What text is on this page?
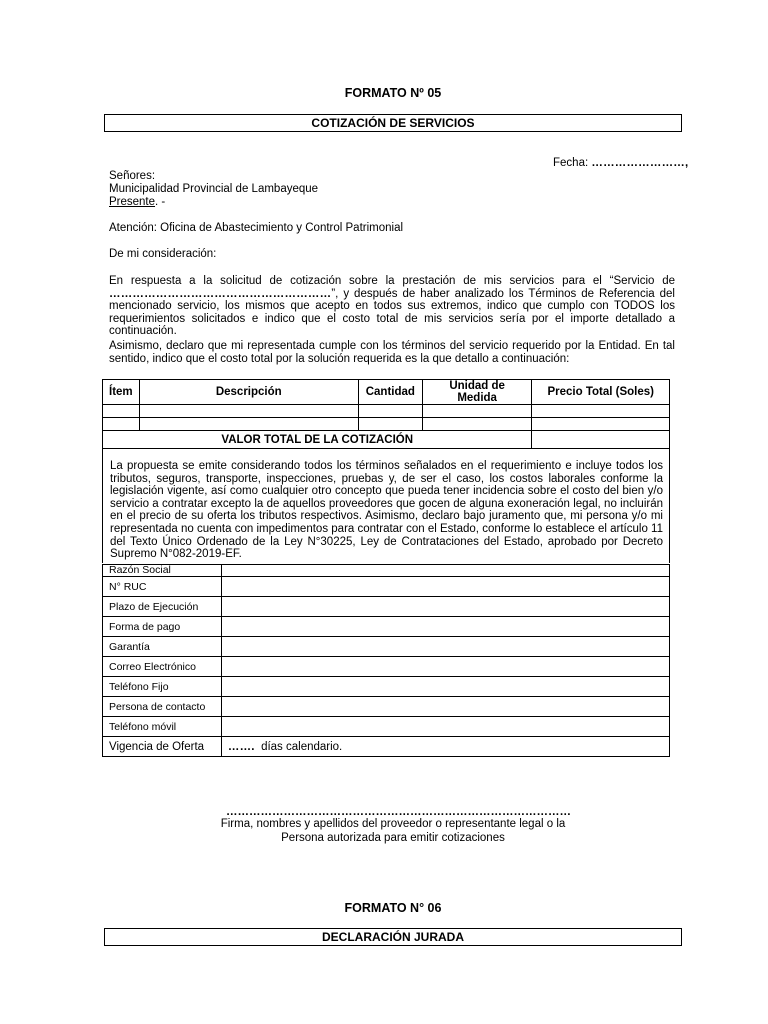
FORMATO Nº 05
COTIZACIÓN DE SERVICIOS
Fecha: ……………………,
Señores:
Municipalidad Provincial de Lambayeque
Presente. -
Atención: Oficina de Abastecimiento y Control Patrimonial
De mi consideración:
En respuesta a la solicitud de cotización sobre la prestación de mis servicios para el “Servicio de …………………………………………………”, y después de haber analizado los Términos de Referencia del mencionado servicio, los mismos que acepto en todos sus extremos, indico que cumplo con TODOS los requerimientos solicitados e indico que el costo total de mis servicios sería por el importe detallado a continuación.
Asimismo, declaro que mi representada cumple con los términos del servicio requerido por la Entidad. En tal sentido, indico que el costo total por la solución requerida es la que detallo a continuación:
Ítem	Descripción	Cantidad	Unidad de Medida	Precio Total (Soles)

VALOR TOTAL DE LA COTIZACIÓN				
La propuesta se emite considerando todos los términos señalados en el requerimiento e incluye todos los tributos, seguros, transporte, inspecciones, pruebas y, de ser el caso, los costos laborales conforme la legislación vigente, así como cualquier otro concepto que pueda tener incidencia sobre el costo del bien y/o servicio a contratar excepto la de aquellos proveedores que gocen de alguna exoneración legal, no incluirán en el precio de su oferta los tributos respectivos. Asimismo, declaro bajo juramento que, mi persona y/o mi representada no cuenta con impedimentos para contratar con el Estado, conforme lo establece el artículo 11 del Texto Único Ordenado de la Ley N°30225, Ley de Contrataciones del Estado, aprobado por Decreto Supremo N°082-2019-EF.
Razón Social	
N° RUC	
Plazo de Ejecución	
Forma de pago	
Garantía	
Correo Electrónico	
Teléfono Fijo	
Persona de contacto	
Teléfono móvil	
Vigencia de Oferta	……. días calendario.
………………………………………………………………………………
Firma, nombres y apellidos del proveedor o representante legal o la
Persona autorizada para emitir cotizaciones
FORMATO N° 06
DECLARACIÓN JURADA
